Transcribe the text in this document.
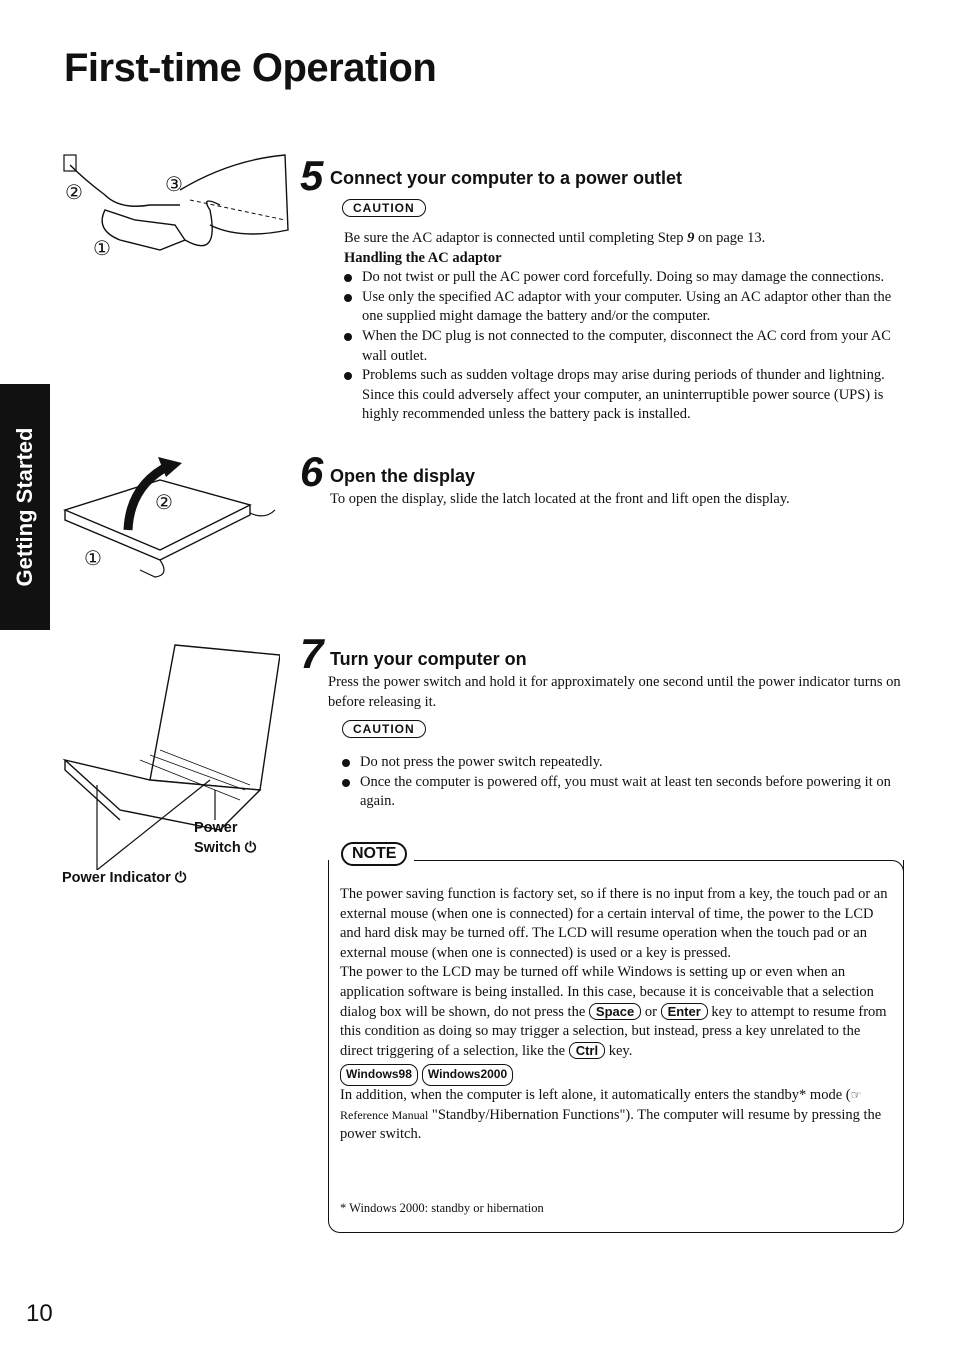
First-time Operation
Getting Started
②	③
①
5 Connect your computer to a power outlet
CAUTION
Be sure the AC adaptor is connected until completing Step 9 on page 13.
Handling the AC adaptor
Do not twist or pull the AC power cord forcefully. Doing so may damage the connections.
Use only the specified AC adaptor with your computer. Using an AC adaptor other than the one supplied might damage the battery and/or the computer.
When the DC plug is not connected to the computer, disconnect the AC cord from your AC wall outlet.
Problems such as sudden voltage drops may arise during periods of thunder and lightning. Since this could adversely affect your computer, an uninterruptible power source (UPS) is highly recommended unless the battery pack is installed.
②
①
6 Open the display
To open the display, slide the latch located at the front and lift open the display.
Power
Switch ⏻
Power Indicator ⏻
7 Turn your computer on
Press the power switch and hold it for approximately one second until the power indicator turns on before releasing it.
CAUTION
Do not press the power switch repeatedly.
Once the computer is powered off, you must wait at least ten seconds before powering it on again.
NOTE
The power saving function is factory set, so if there is no input from a key, the touch pad or an external mouse (when one is connected) for a certain interval of time, the power to the LCD and hard disk may be turned off. The LCD will resume operation when the touch pad or an external mouse (when one is connected) is used or a key is pressed.
The power to the LCD may be turned off while Windows is setting up or even when an application software is being installed. In this case, because it is conceivable that a selection dialog box will be shown, do not press the Space or Enter key to attempt to resume from this condition as doing so may trigger a selection, but instead, press a key unrelated to the direct triggering of a selection, like the Ctrl key.
Windows98 Windows2000
In addition, when the computer is left alone, it automatically enters the standby* mode (☞ Reference Manual "Standby/Hibernation Functions"). The computer will resume by pressing the power switch.
* Windows 2000: standby or hibernation
10
